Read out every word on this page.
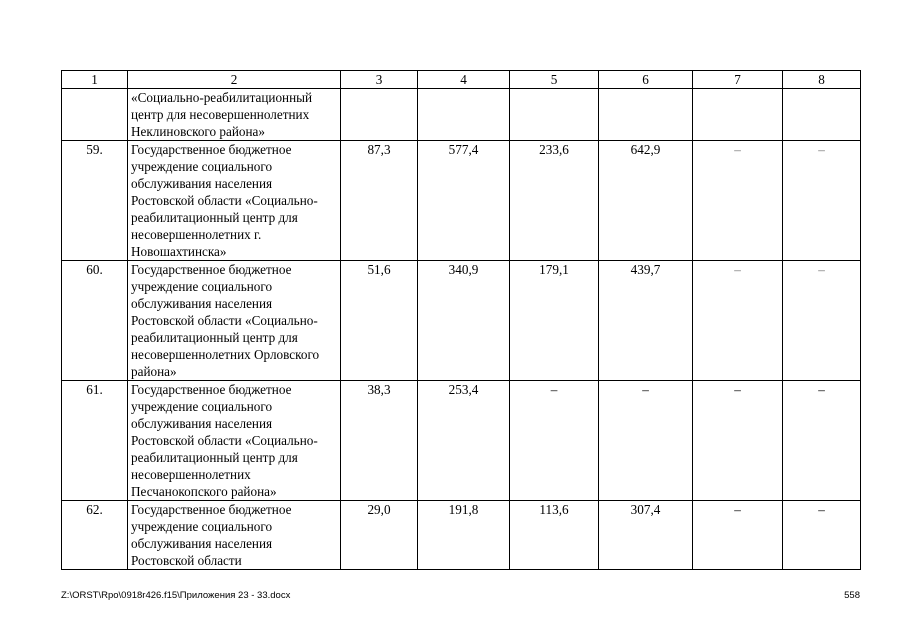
1	2	3	4	5	6	7	8
	«Социально-реабилитационный центр для несовершеннолетних Неклиновского района»						
59.	Государственное бюджетное учреждение социального обслуживания населения Ростовской области «Социально-реабилитационный центр для несовершеннолетних г. Новошахтинска»	87,3	577,4	233,6	642,9	–	–
60.	Государственное бюджетное учреждение социального обслуживания населения Ростовской области «Социально-реабилитационный центр для несовершеннолетних Орловского района»	51,6	340,9	179,1	439,7	–	–
61.	Государственное бюджетное учреждение социального обслуживания населения Ростовской области «Социально-реабилитационный центр для несовершеннолетних Песчанокопского района»	38,3	253,4	–	–	–	–
62.	Государственное бюджетное учреждение социального обслуживания населения Ростовской области	29,0	191,8	113,6	307,4	–	–
Z:\ORST\Rpo\0918r426.f15\Приложения 23 - 33.docx	558
